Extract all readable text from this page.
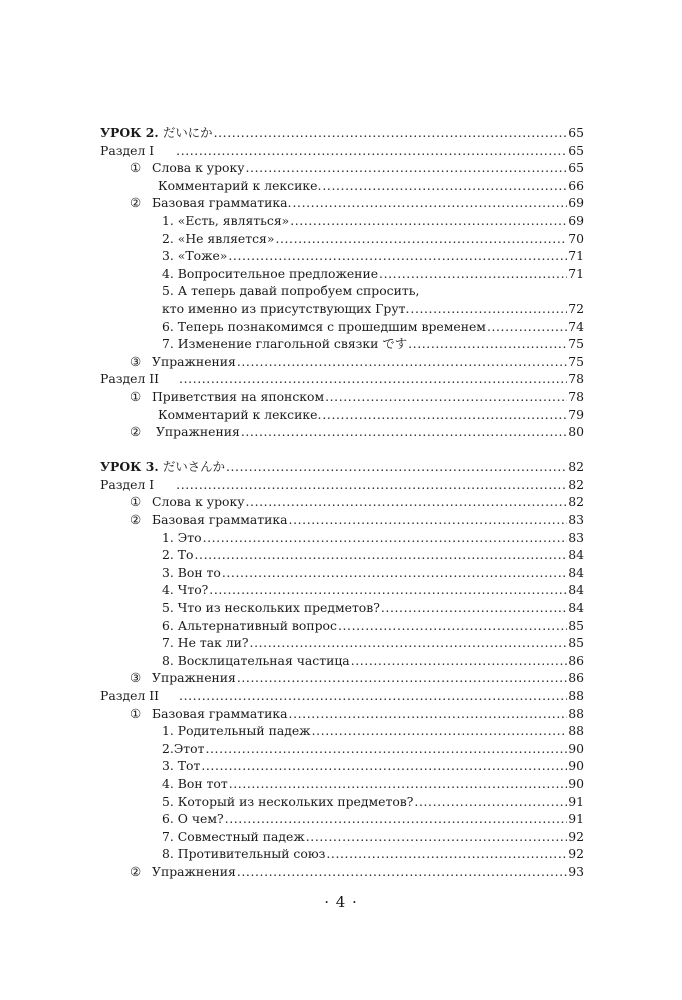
УРОК 2. だいにか .....	65
Раздел I .....	65
① Слова к уроку .....	65
Комментарий к лексике. .....	66
② Базовая грамматика. .....	69
1. «Есть, являться» .....	69
2. «Не является» .....	70
3. «Тоже» .....	71
4. Вопросительное предложение .....	71
5. А теперь давай попробуем спросить,
кто именно из присутствующих Грут. .....	72
6. Теперь познакомимся с прошедшим временем .....	74
7. Изменение глагольной связки です .....	75
③ Упражнения .....	75
Раздел II .....	78
① Приветствия на японском .....	78
Комментарий к лексике. .....	79
② Упражнения .....	80
УРОК 3. だいさんか .....	82
Раздел I .....	82
① Слова к уроку .....	82
② Базовая грамматика .....	83
1. Это .....	83
2. То .....	84
3. Вон то .....	84
4. Что? .....	84
5. Что из нескольких предметов? .....	84
6. Альтернативный вопрос .....	85
7. Не так ли? .....	85
8. Восклицательная частица .....	86
③ Упражнения .....	86
Раздел II .....	88
① Базовая грамматика .....	88
1. Родительный падеж .....	88
2.Этот .....	90
3. Тот .....	90
4. Вон тот .....	90
5. Который из нескольких предметов? .....	91
6. О чем? .....	91
7. Совместный падеж .....	92
8. Противительный союз .....	92
② Упражнения .....	93
· 4 ·
